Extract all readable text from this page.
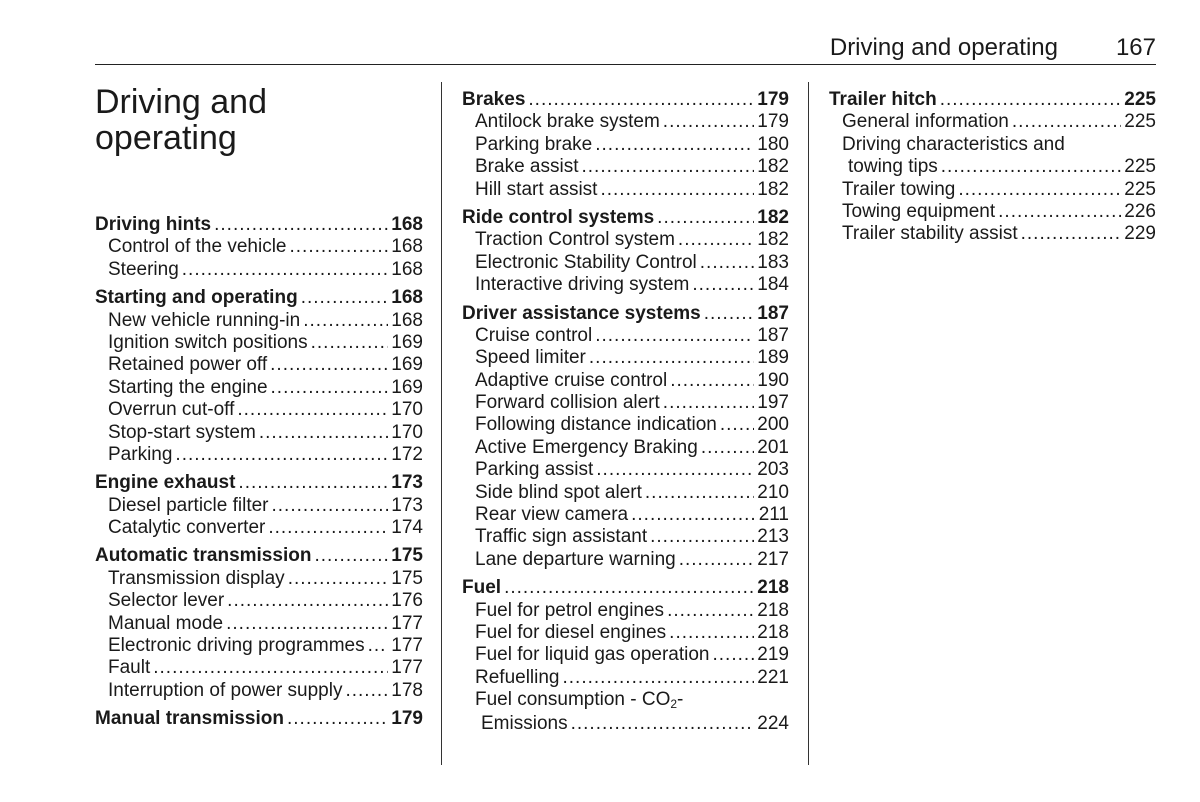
Driving and operating 167
Driving and
operating
Driving hints .....	168
Control of the vehicle .....	168
Steering .....	168
Starting and operating .....	168
New vehicle running-in .....	168
Ignition switch positions .....	169
Retained power off .....	169
Starting the engine .....	169
Overrun cut-off .....	170
Stop-start system .....	170
Parking .....	172
Engine exhaust .....	173
Diesel particle filter .....	173
Catalytic converter .....	174
Automatic transmission .....	175
Transmission display .....	175
Selector lever .....	176
Manual mode .....	177
Electronic driving programmes ..... 177
Fault .....	177
Interruption of power supply .....	178
Manual transmission .....	179
Brakes .....	179
Antilock brake system .....	179
Parking brake .....	180
Brake assist .....	182
Hill start assist .....	182
Ride control systems .....	182
Traction Control system .....	182
Electronic Stability Control .....	183
Interactive driving system .....	184
Driver assistance systems .....	187
Cruise control .....	187
Speed limiter .....	189
Adaptive cruise control .....	190
Forward collision alert .....	197
Following distance indication ..... 200
Active Emergency Braking .....	201
Parking assist .....	203
Side blind spot alert .....	210
Rear view camera .....	211
Traffic sign assistant .....	213
Lane departure warning .....	217
Fuel .....	218
Fuel for petrol engines .....	218
Fuel for diesel engines .....	218
Fuel for liquid gas operation .....	219
Refuelling .....	221
Fuel consumption - $CO_2-$
Emissions .....	224
Trailer hitch .....	225
General information .....	225
Driving characteristics and
towing tips .....	225
Trailer towing .....	225
Towing equipment .....	226
Trailer stability assist .....	229
